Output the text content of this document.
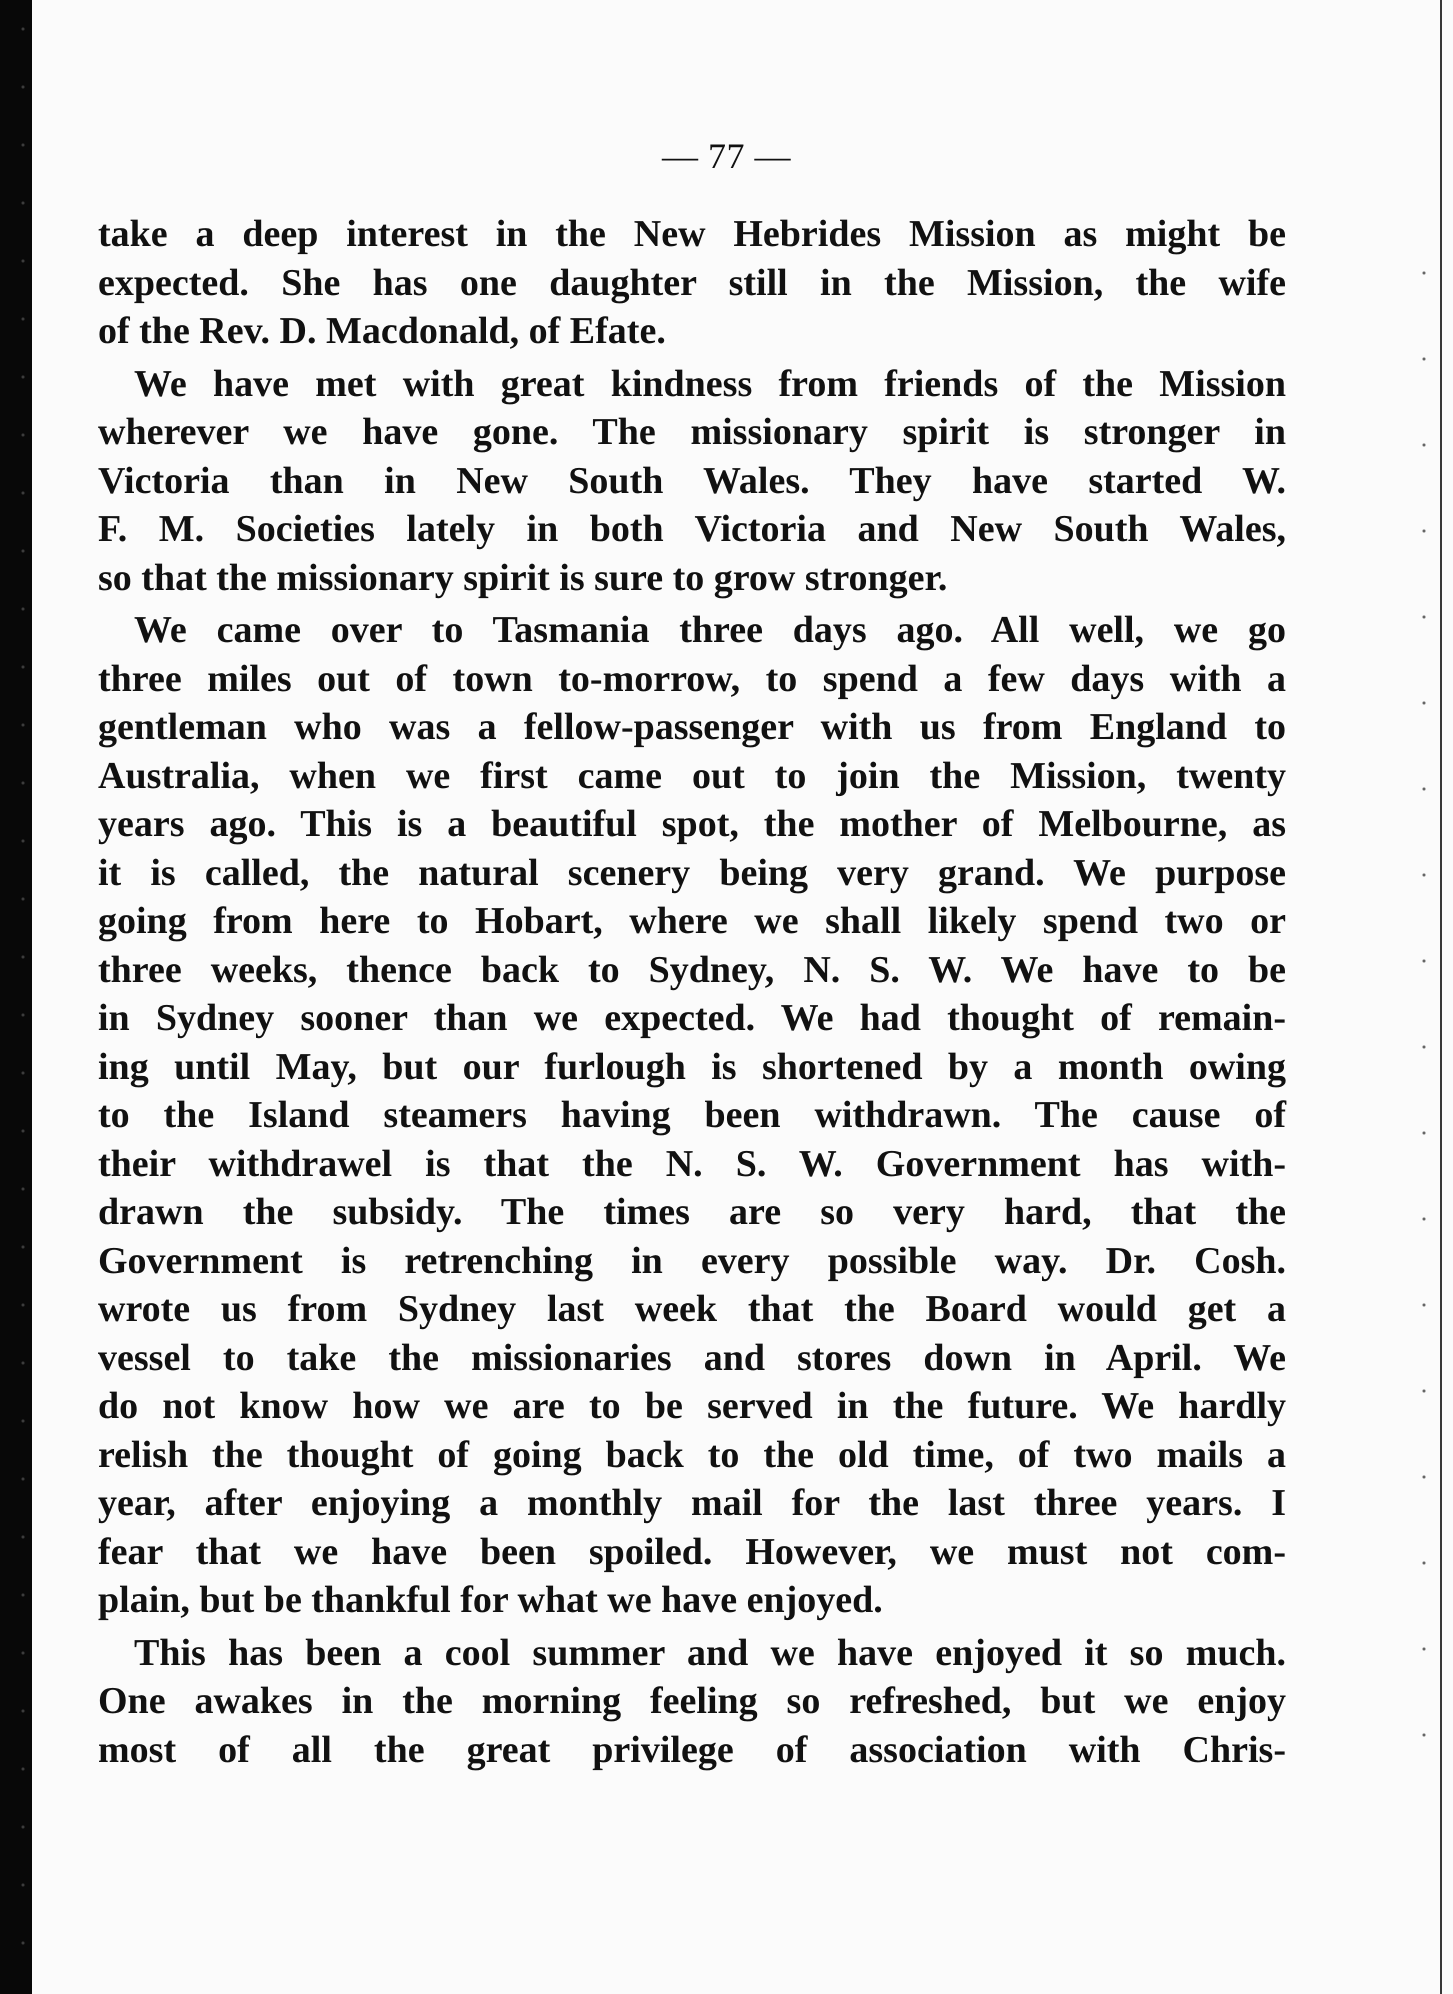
— 77 —
take a deep interest in the New Hebrides Mission as might be
expected. She has one daughter still in the Mission, the wife
of the Rev. D. Macdonald, of Efate.
We have met with great kindness from friends of the Mission
wherever we have gone. The missionary spirit is stronger in
Victoria than in New South Wales. They have started W.
F. M. Societies lately in both Victoria and New South Wales,
so that the missionary spirit is sure to grow stronger.
We came over to Tasmania three days ago. All well, we go
three miles out of town to-morrow, to spend a few days with a
gentleman who was a fellow-passenger with us from England to
Australia, when we first came out to join the Mission, twenty
years ago. This is a beautiful spot, the mother of Melbourne, as
it is called, the natural scenery being very grand. We purpose
going from here to Hobart, where we shall likely spend two or
three weeks, thence back to Sydney, N. S. W. We have to be
in Sydney sooner than we expected. We had thought of remain-
ing until May, but our furlough is shortened by a month owing
to the Island steamers having been withdrawn. The cause of
their withdrawel is that the N. S. W. Government has with-
drawn the subsidy. The times are so very hard, that the
Government is retrenching in every possible way. Dr. Cosh.
wrote us from Sydney last week that the Board would get a
vessel to take the missionaries and stores down in April. We
do not know how we are to be served in the future. We hardly
relish the thought of going back to the old time, of two mails a
year, after enjoying a monthly mail for the last three years. I
fear that we have been spoiled. However, we must not com-
plain, but be thankful for what we have enjoyed.
This has been a cool summer and we have enjoyed it so much.
One awakes in the morning feeling so refreshed, but we enjoy
most of all the great privilege of association with Chris-
